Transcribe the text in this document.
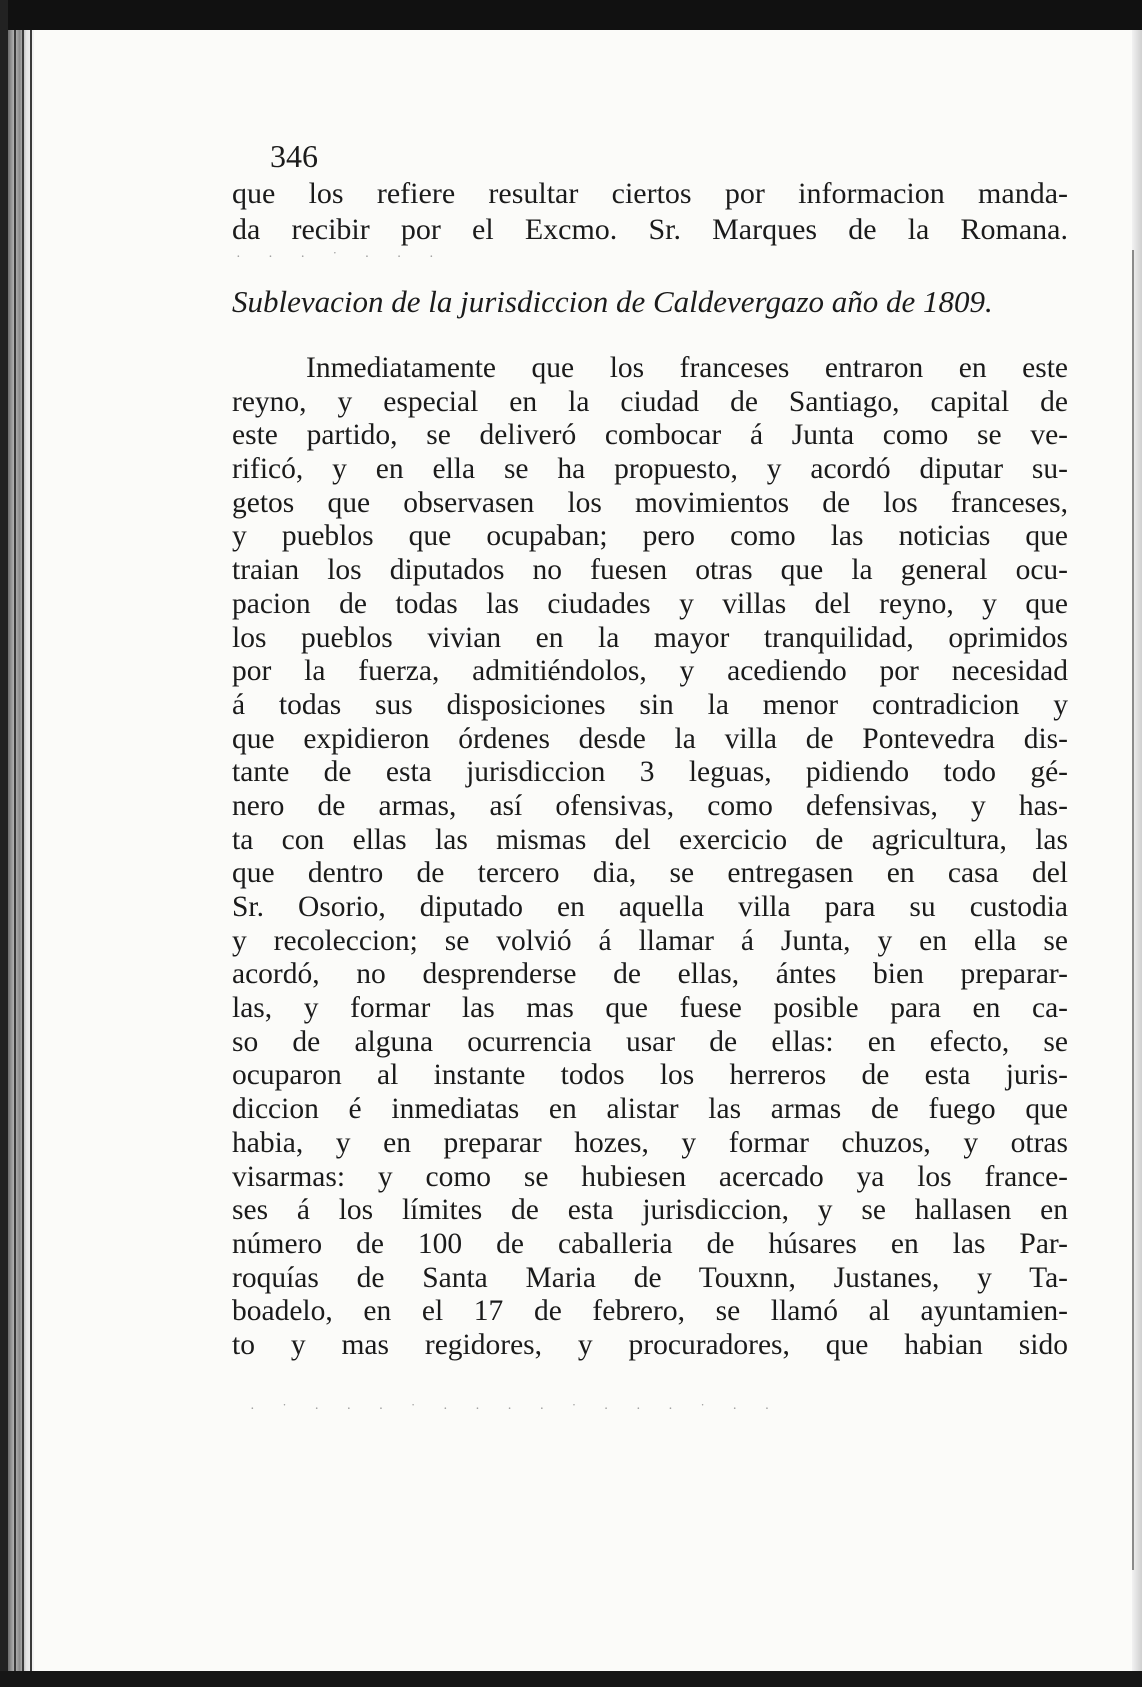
346
que los refiere resultar ciertos por informacion manda-
da recibir por el Excmo. Sr. Marques de la Romana.
· · · ˙ · · ·
Sublevacion de la jurisdiccion de Caldevergazo año de 1809.
Inmediatamente que los franceses entraron en este
reyno, y especial en la ciudad de Santiago, capital de
este partido, se deliveró combocar á Junta como se ve-
rificó, y en ella se ha propuesto, y acordó diputar su-
getos que observasen los movimientos de los franceses,
y pueblos que ocupaban; pero como las noticias que
traian los diputados no fuesen otras que la general ocu-
pacion de todas las ciudades y villas del reyno, y que
los pueblos vivian en la mayor tranquilidad, oprimidos
por la fuerza, admitiéndolos, y acediendo por necesidad
á todas sus disposiciones sin la menor contradicion y
que expidieron órdenes desde la villa de Pontevedra dis-
tante de esta jurisdiccion 3 leguas, pidiendo todo gé-
nero de armas, así ofensivas, como defensivas, y has-
ta con ellas las mismas del exercicio de agricultura, las
que dentro de tercero dia, se entregasen en casa del
Sr. Osorio, diputado en aquella villa para su custodia
y recoleccion; se volvió á llamar á Junta, y en ella se
acordó, no desprenderse de ellas, ántes bien preparar-
las, y formar las mas que fuese posible para en ca-
so de alguna ocurrencia usar de ellas: en efecto, se
ocuparon al instante todos los herreros de esta juris-
diccion é inmediatas en alistar las armas de fuego que
habia, y en preparar hozes, y formar chuzos, y otras
visarmas: y como se hubiesen acercado ya los france-
ses á los límites de esta jurisdiccion, y se hallasen en
número de 100 de caballeria de húsares en las Par-
roquías de Santa Maria de Touxnn, Justanes, y Ta-
boadelo, en el 17 de febrero, se llamó al ayuntamien-
to y mas regidores, y procuradores, que habian sido
· ˙ · · · ˙ · · · · ˙ · · · ˙ · ·
